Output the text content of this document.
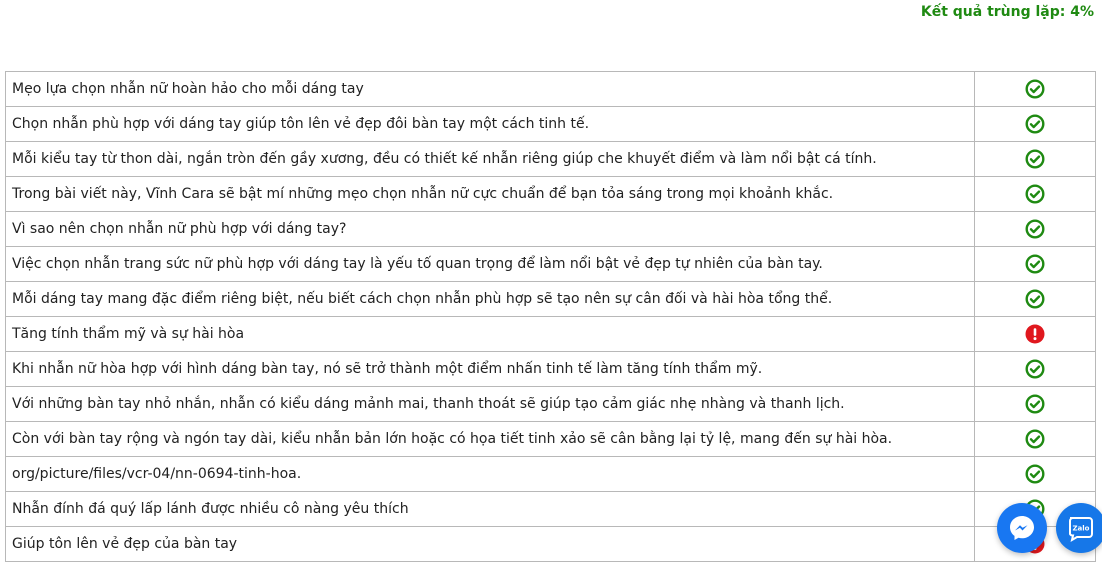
Kết quả trùng lặp: 4%
Mẹo lựa chọn nhẫn nữ hoàn hảo cho mỗi dáng tay	

Chọn nhẫn phù hợp với dáng tay giúp tôn lên vẻ đẹp đôi bàn tay một cách tinh tế.	

Mỗi kiểu tay từ thon dài, ngắn tròn đến gầy xương, đều có thiết kế nhẫn riêng giúp che khuyết điểm và làm nổi bật cá tính.	

Trong bài viết này, Vĩnh Cara sẽ bật mí những mẹo chọn nhẫn nữ cực chuẩn để bạn tỏa sáng trong mọi khoảnh khắc.	

Vì sao nên chọn nhẫn nữ phù hợp với dáng tay?	

Việc chọn nhẫn trang sức nữ phù hợp với dáng tay là yếu tố quan trọng để làm nổi bật vẻ đẹp tự nhiên của bàn tay.	

Mỗi dáng tay mang đặc điểm riêng biệt, nếu biết cách chọn nhẫn phù hợp sẽ tạo nên sự cân đối và hài hòa tổng thể.	

Tăng tính thẩm mỹ và sự hài hòa	

Khi nhẫn nữ hòa hợp với hình dáng bàn tay, nó sẽ trở thành một điểm nhấn tinh tế làm tăng tính thẩm mỹ.	

Với những bàn tay nhỏ nhắn, nhẫn có kiểu dáng mảnh mai, thanh thoát sẽ giúp tạo cảm giác nhẹ nhàng và thanh lịch.	

Còn với bàn tay rộng và ngón tay dài, kiểu nhẫn bản lớn hoặc có họa tiết tinh xảo sẽ cân bằng lại tỷ lệ, mang đến sự hài hòa.	

org/picture/files/vcr-04/nn-0694-tinh-hoa.	

Nhẫn đính đá quý lấp lánh được nhiều cô nàng yêu thích	

Giúp tôn lên vẻ đẹp của bàn tay	
Zalo
